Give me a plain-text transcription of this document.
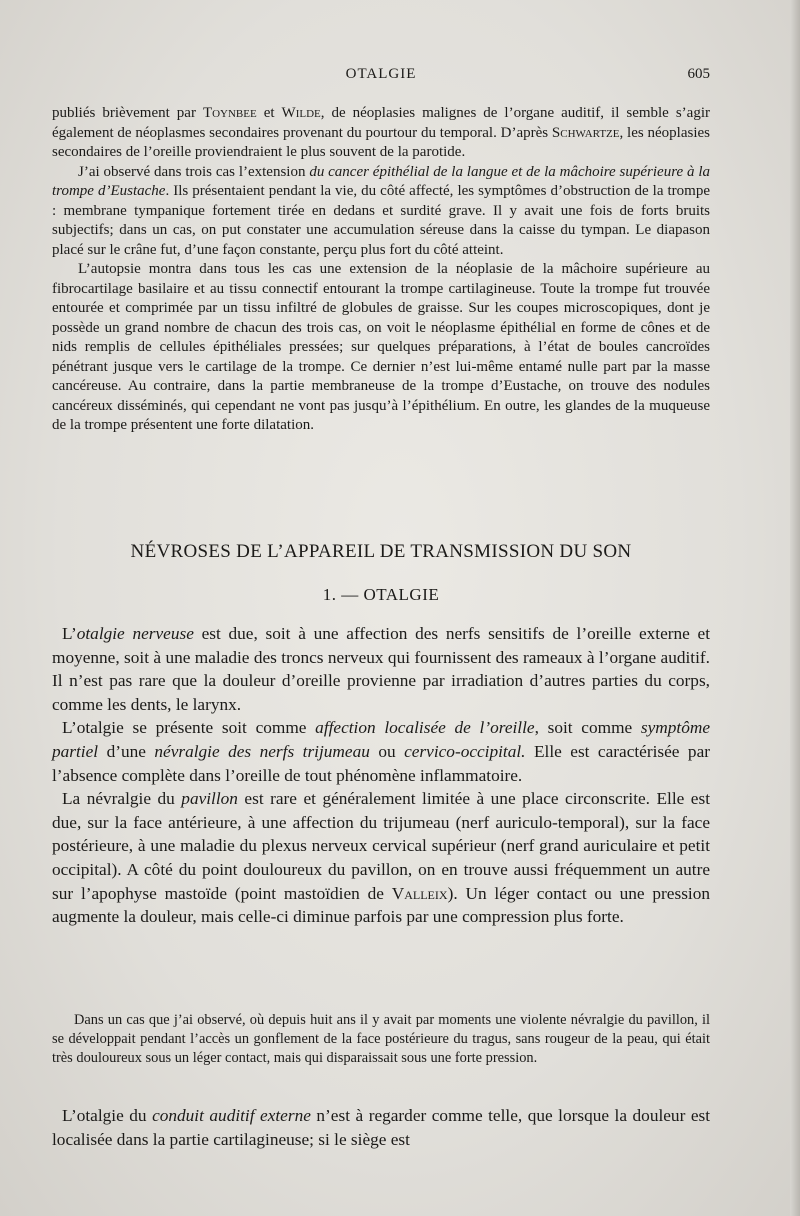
OTALGIE	605

publiés brièvement par Toynbee et Wilde, de néoplasies malignes de l’organe auditif, il semble s’agir également de néoplasmes secondaires provenant du pourtour du temporal. D’après Schwartze, les néoplasies secondaires de l’oreille proviendraient le plus souvent de la parotide.

J’ai observé dans trois cas l’extension du cancer épithélial de la langue et de la mâchoire supérieure à la trompe d’Eustache. Ils présentaient pendant la vie, du côté affecté, les symptômes d’obstruction de la trompe : membrane tympanique fortement tirée en dedans et surdité grave. Il y avait une fois de forts bruits subjectifs; dans un cas, on put constater une accumulation séreuse dans la caisse du tympan. Le diapason placé sur le crâne fut, d’une façon constante, perçu plus fort du côté atteint.

L’autopsie montra dans tous les cas une extension de la néoplasie de la mâchoire supérieure au fibrocartilage basilaire et au tissu connectif entourant la trompe cartilagineuse. Toute la trompe fut trouvée entourée et comprimée par un tissu infiltré de globules de graisse. Sur les coupes microscopiques, dont je possède un grand nombre de chacun des trois cas, on voit le néoplasme épithélial en forme de cônes et de nids remplis de cellules épithéliales pressées; sur quelques préparations, à l’état de boules cancroïdes pénétrant jusque vers le cartilage de la trompe. Ce dernier n’est lui-même entamé nulle part par la masse cancéreuse. Au contraire, dans la partie membraneuse de la trompe d’Eustache, on trouve des nodules cancéreux disséminés, qui cependant ne vont pas jusqu’à l’épithélium. En outre, les glandes de la muqueuse de la trompe présentent une forte dilatation.

NÉVROSES DE L’APPAREIL DE TRANSMISSION DU SON
1. — OTALGIE

L’otalgie nerveuse est due, soit à une affection des nerfs sensitifs de l’oreille externe et moyenne, soit à une maladie des troncs nerveux qui fournissent des rameaux à l’organe auditif. Il n’est pas rare que la douleur d’oreille provienne par irradiation d’autres parties du corps, comme les dents, le larynx.

L’otalgie se présente soit comme affection localisée de l’oreille, soit comme symptôme partiel d’une névralgie des nerfs trijumeau ou cervico-occipital. Elle est caractérisée par l’absence complète dans l’oreille de tout phénomène inflammatoire.

La névralgie du pavillon est rare et généralement limitée à une place circonscrite. Elle est due, sur la face antérieure, à une affection du trijumeau (nerf auriculo-temporal), sur la face postérieure, à une maladie du plexus nerveux cervical supérieur (nerf grand auriculaire et petit occipital). A côté du point douloureux du pavillon, on en trouve aussi fréquemment un autre sur l’apophyse mastoïde (point mastoïdien de Valleix). Un léger contact ou une pression augmente la douleur, mais celle-ci diminue parfois par une compression plus forte.

Dans un cas que j’ai observé, où depuis huit ans il y avait par moments une violente névralgie du pavillon, il se développait pendant l’accès un gonflement de la face postérieure du tragus, sans rougeur de la peau, qui était très douloureux sous un léger contact, mais qui disparaissait sous une forte pression.

L’otalgie du conduit auditif externe n’est à regarder comme telle, que lorsque la douleur est localisée dans la partie cartilagineuse; si le siège est
